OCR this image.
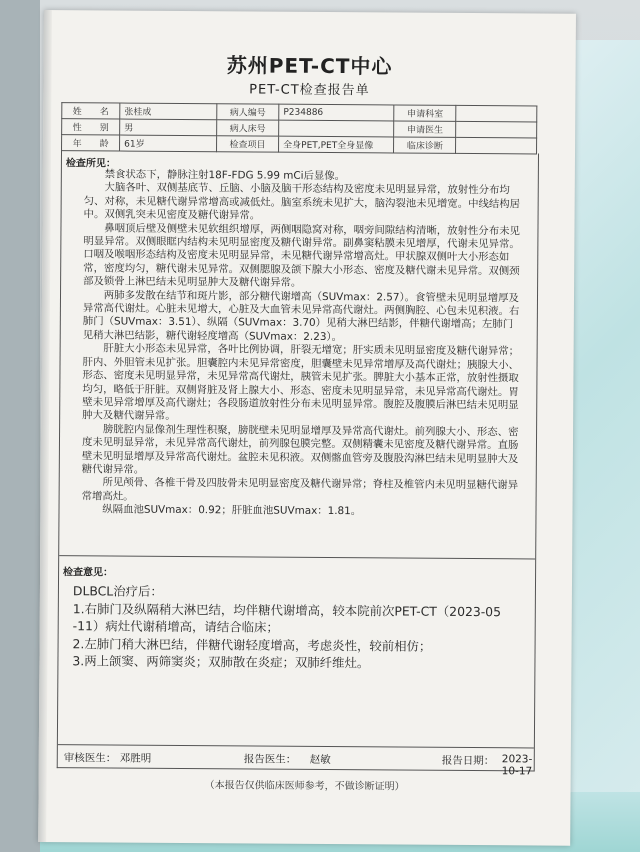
苏州PET-CT中心
PET-CT检查报告单
姓　　名	张桂成	病人编号	P234886	申请科室	
性　　别	男	病人床号		申请医生	
年　　龄	61岁	检查项目	全身PET,PET全身显像	临床诊断	
检查所见：

禁食状态下，静脉注射18F-FDG 5.99 mCi后显像。

大脑各叶、双侧基底节、丘脑、小脑及脑干形态结构及密度未见明显异常，放射性分布均匀、对称，未见糖代谢异常增高或减低灶。脑室系统未见扩大，脑沟裂池未见增宽。中线结构居中。双侧乳突未见密度及糖代谢异常。

鼻咽顶后壁及侧壁未见软组织增厚，两侧咽隐窝对称，咽旁间隙结构清晰，放射性分布未见明显异常。双侧眼眶内结构未见明显密度及糖代谢异常。副鼻窦粘膜未见增厚，代谢未见异常。口咽及喉咽形态结构及密度未见明显异常，未见糖代谢异常增高灶。甲状腺双侧叶大小形态如常，密度均匀，糖代谢未见异常。双侧腮腺及颌下腺大小形态、密度及糖代谢未见异常。双侧颈部及锁骨上淋巴结未见明显肿大及糖代谢异常。

两肺多发散在结节和斑片影，部分糖代谢增高（SUVmax：2.57）。食管壁未见明显增厚及异常高代谢灶。心脏未见增大，心脏及大血管未见异常高代谢灶。两侧胸腔、心包未见积液。右肺门（SUVmax：3.51）、纵隔（SUVmax：3.70）见稍大淋巴结影，伴糖代谢增高；左肺门见稍大淋巴结影，糖代谢轻度增高（SUVmax：2.23）。

肝脏大小形态未见异常，各叶比例协调，肝裂无增宽；肝实质未见明显密度及糖代谢异常；肝内、外胆管未见扩张。胆囊腔内未见异常密度，胆囊壁未见异常增厚及高代谢灶；胰腺大小、形态、密度未见明显异常，未见异常高代谢灶，胰管未见扩张。脾脏大小基本正常，放射性摄取均匀，略低于肝脏。双侧肾脏及肾上腺大小、形态、密度未见明显异常，未见异常高代谢灶。胃壁未见异常增厚及高代谢灶；各段肠道放射性分布未见明显异常。腹腔及腹膜后淋巴结未见明显肿大及糖代谢异常。

膀胱腔内显像剂生理性积聚，膀胱壁未见明显增厚及异常高代谢灶。前列腺大小、形态、密度未见明显异常，未见异常高代谢灶，前列腺包膜完整。双侧精囊未见密度及糖代谢异常。直肠壁未见明显增厚及异常高代谢灶。盆腔未见积液。双侧髂血管旁及腹股沟淋巴结未见明显肿大及糖代谢异常。

所见颅骨、各椎干骨及四肢骨未见明显密度及糖代谢异常；脊柱及椎管内未见明显糖代谢异常增高灶。

纵隔血池SUVmax：0.92；肝脏血池SUVmax：1.81。

检查意见：
DLBCL治疗后：
1.右肺门及纵隔稍大淋巴结，均伴糖代谢增高，较本院前次PET-CT（2023-05
-11）病灶代谢稍增高，请结合临床；
2.左肺门稍大淋巴结，伴糖代谢轻度增高，考虑炎性，较前相仿；
3.两上颌窦、两筛窦炎；双肺散在炎症；双肺纤维灶。
审核医生： 邓胜明	报告医生： 赵敏	报告日期： 2023-10-17
（本报告仅供临床医师参考，不做诊断证明）
